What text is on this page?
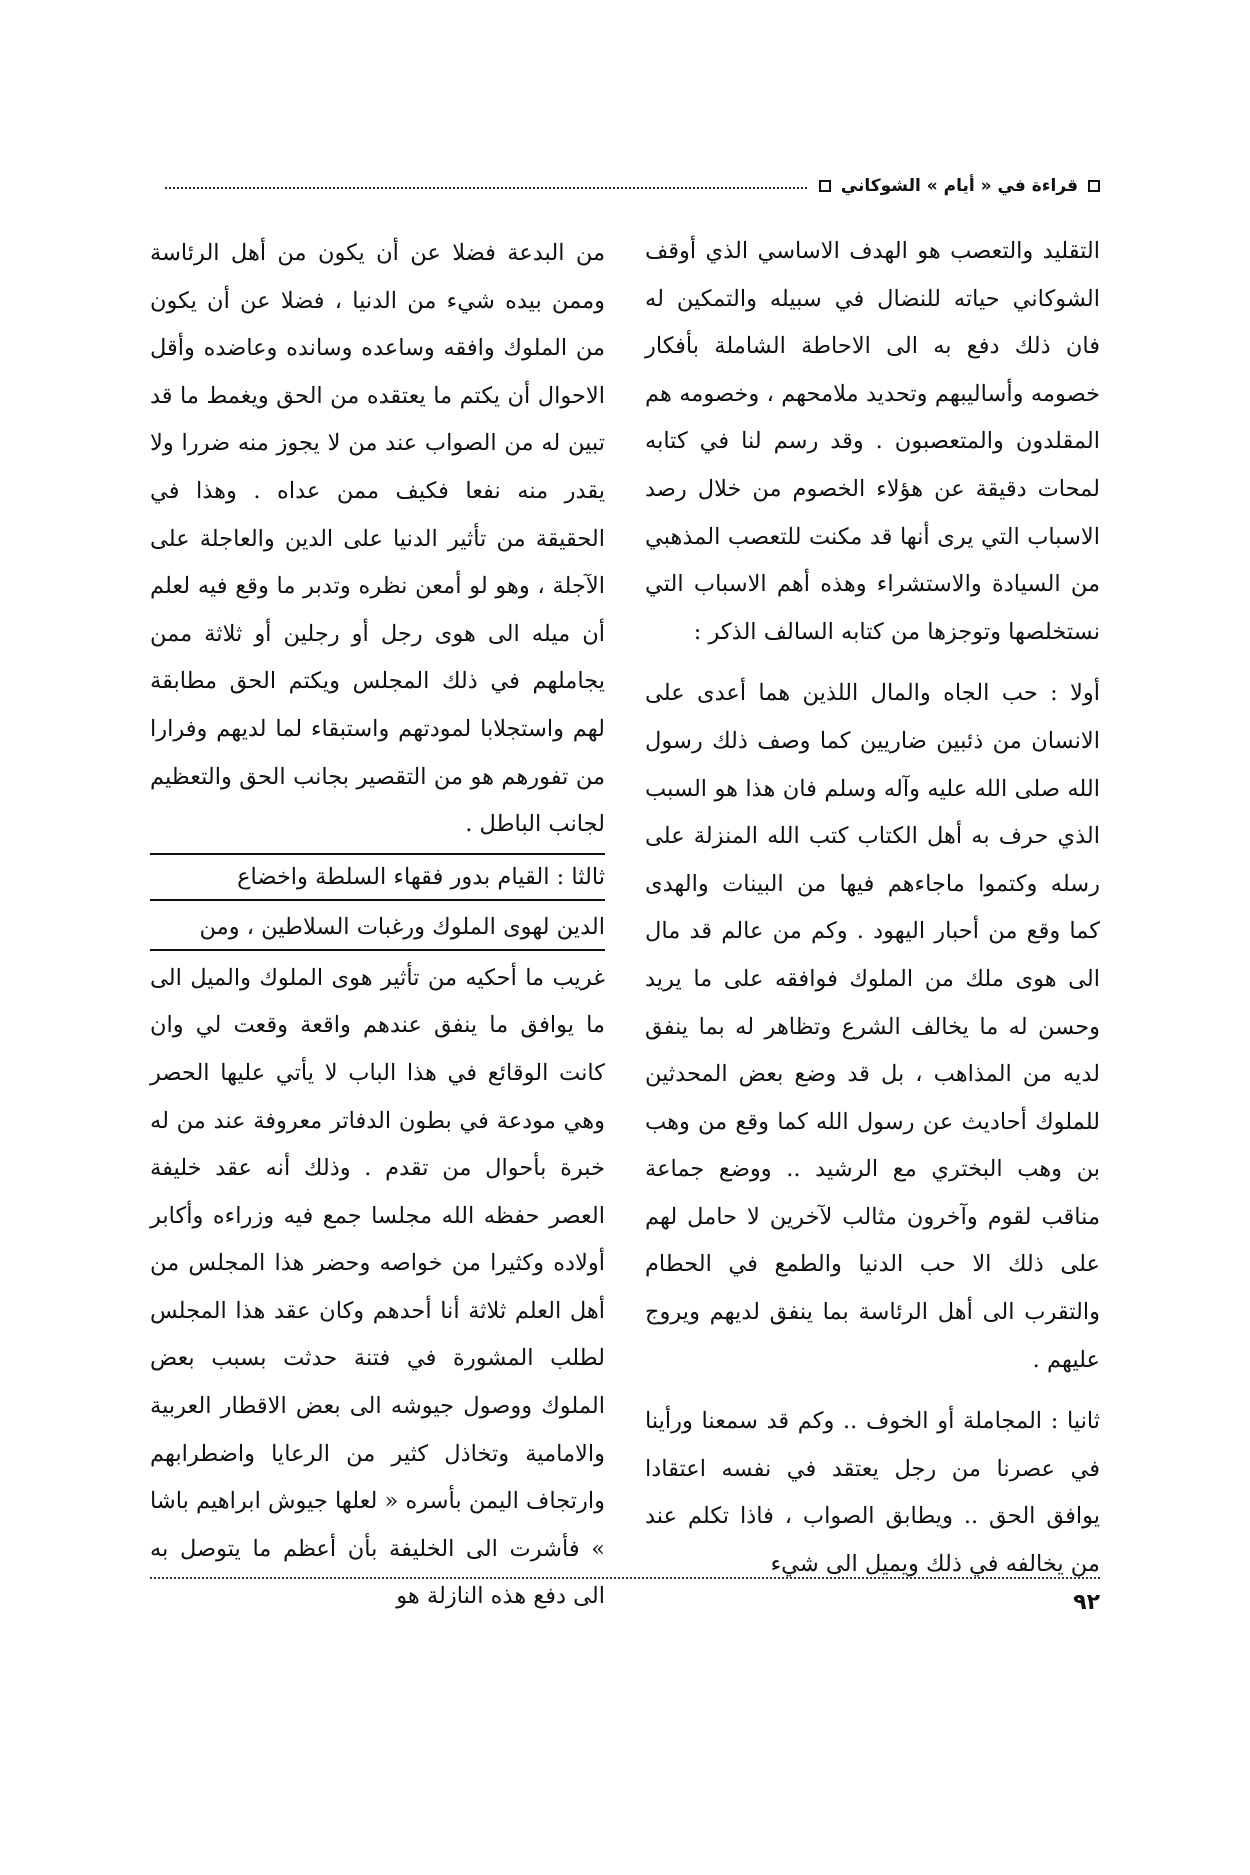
قراءة في « أيام » الشوكاني

التقليد والتعصب هو الهدف الاساسي الذي أوقف الشوكاني حياته للنضال في سبيله والتمكين له فان ذلك دفع به الى الاحاطة الشاملة بأفكار خصومه وأساليبهم وتحديد ملامحهم ، وخصومه هم المقلدون والمتعصبون . وقد رسم لنا في كتابه لمحات دقيقة عن هؤلاء الخصوم من خلال رصد الاسباب التي يرى أنها قد مكنت للتعصب المذهبي من السيادة والاستشراء وهذه أهم الاسباب التي نستخلصها وتوجزها من كتابه السالف الذكر :

أولا : حب الجاه والمال اللذين هما أعدى على الانسان من ذئبين ضاريين كما وصف ذلك رسول الله صلى الله عليه وآله وسلم فان هذا هو السبب الذي حرف به أهل الكتاب كتب الله المنزلة على رسله وكتموا ماجاءهم فيها من البينات والهدى كما وقع من أحبار اليهود . وكم من عالم قد مال الى هوى ملك من الملوك فوافقه على ما يريد وحسن له ما يخالف الشرع وتظاهر له بما ينفق لديه من المذاهب ، بل قد وضع بعض المحدثين للملوك أحاديث عن رسول الله كما وقع من وهب بن وهب البختري مع الرشيد .. ووضع جماعة مناقب لقوم وآخرون مثالب لآخرين لا حامل لهم على ذلك الا حب الدنيا والطمع في الحطام والتقرب الى أهل الرئاسة بما ينفق لديهم ويروج عليهم .

ثانيا : المجاملة أو الخوف .. وكم قد سمعنا ورأينا في عصرنا من رجل يعتقد في نفسه اعتقادا يوافق الحق .. ويطابق الصواب ، فاذا تكلم عند من يخالفه في ذلك ويميل الى شيء

من البدعة فضلا عن أن يكون من أهل الرئاسة وممن بيده شيء من الدنيا ، فضلا عن أن يكون من الملوك وافقه وساعده وسانده وعاضده وأقل الاحوال أن يكتم ما يعتقده من الحق ويغمط ما قد تبين له من الصواب عند من لا يجوز منه ضررا ولا يقدر منه نفعا فكيف ممن عداه . وهذا في الحقيقة من تأثير الدنيا على الدين والعاجلة على الآجلة ، وهو لو أمعن نظره وتدبر ما وقع فيه لعلم أن ميله الى هوى رجل أو رجلين أو ثلاثة ممن يجاملهم في ذلك المجلس ويكتم الحق مطابقة لهم واستجلابا لمودتهم واستبقاء لما لديهم وفرارا من تفورهم هو من التقصير بجانب الحق والتعظيم لجانب الباطل .

ثالثا : القيام بدور فقهاء السلطة واخضاع

الدين لهوى الملوك ورغبات السلاطين ، ومن

غريب ما أحكيه من تأثير هوى الملوك والميل الى ما يوافق ما ينفق عندهم واقعة وقعت لي وان كانت الوقائع في هذا الباب لا يأتي عليها الحصر وهي مودعة في بطون الدفاتر معروفة عند من له خبرة بأحوال من تقدم . وذلك أنه عقد خليفة العصر حفظه الله مجلسا جمع فيه وزراءه وأكابر أولاده وكثيرا من خواصه وحضر هذا المجلس من أهل العلم ثلاثة أنا أحدهم وكان عقد هذا المجلس لطلب المشورة في فتنة حدثت بسبب بعض الملوك ووصول جيوشه الى بعض الاقطار العربية والامامية وتخاذل كثير من الرعايا واضطرابهم وارتجاف اليمن بأسره « لعلها جيوش ابراهيم باشا » فأشرت الى الخليفة بأن أعظم ما يتوصل به الى دفع هذه النازلة هو	٩٢
